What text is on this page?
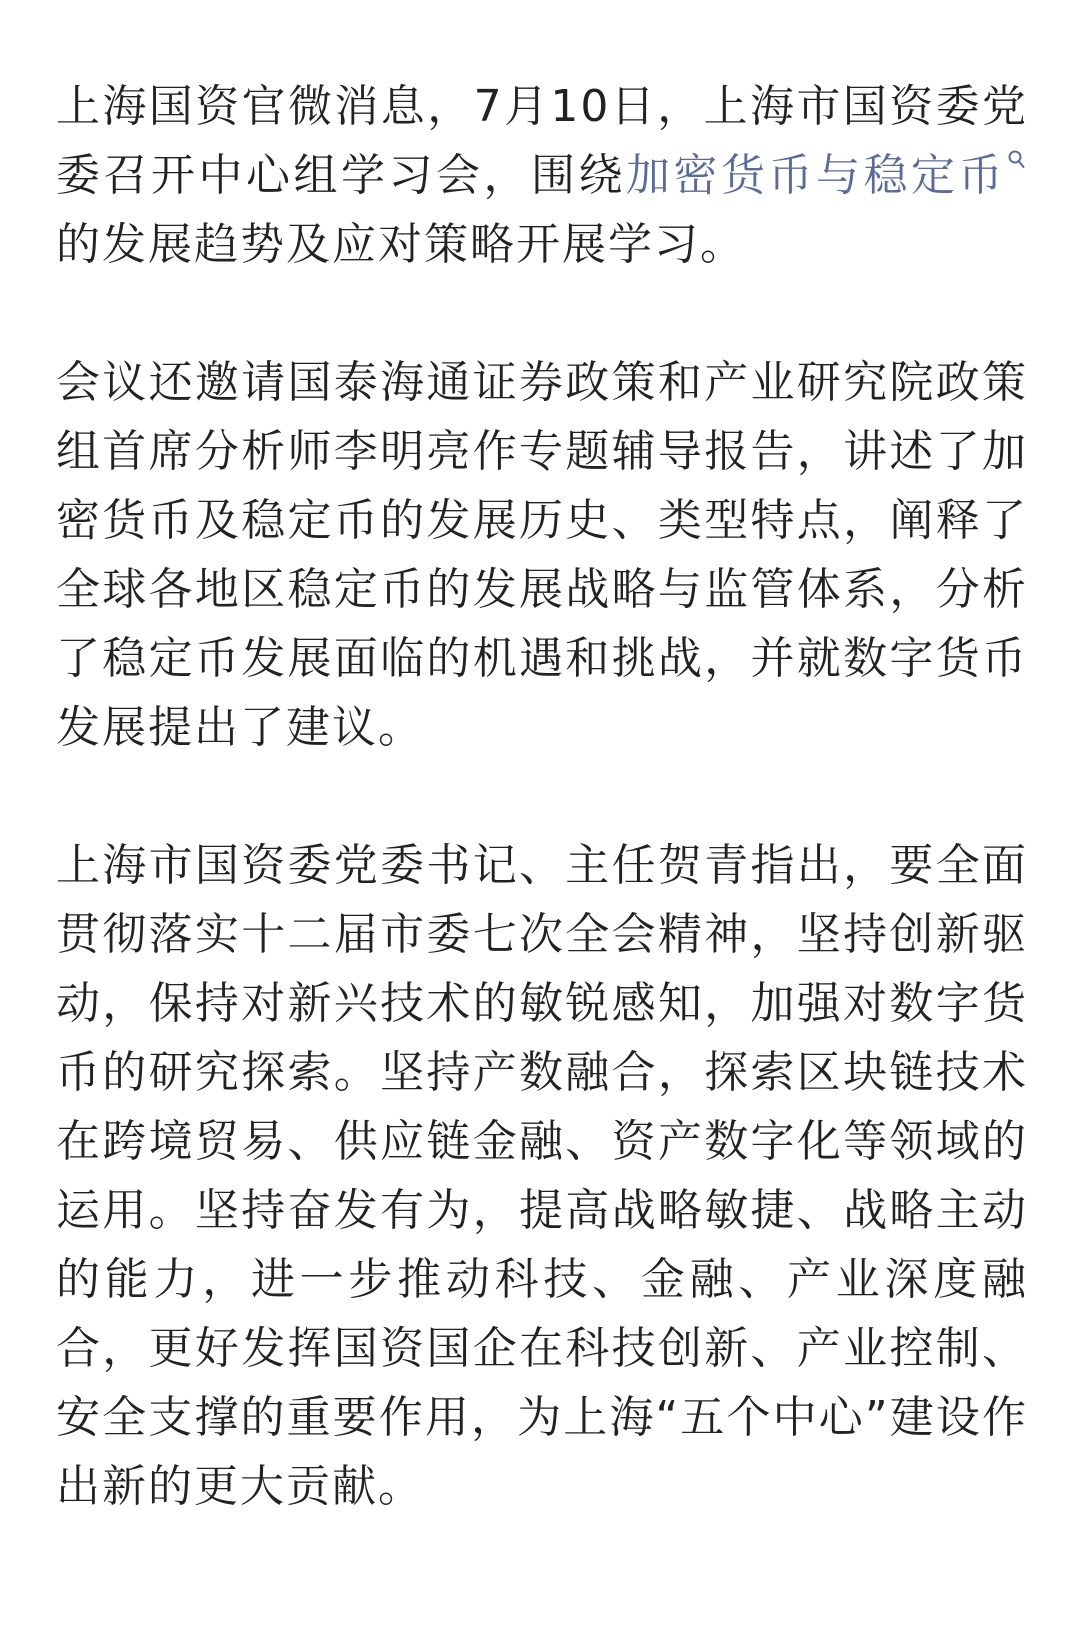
上海国资官微消息，7月10日，上海市国资委党委召开中心组学习会，围绕加密货币与稳定币
的发展趋势及应对策略开展学习。

会议还邀请国泰海通证券政策和产业研究院政策组首席分析师李明亮作专题辅导报告，讲述了加密货币及稳定币的发展历史、类型特点，阐释了全球各地区稳定币的发展战略与监管体系，分析了稳定币发展面临的机遇和挑战，并就数字货币发展提出了建议。

上海市国资委党委书记、主任贺青指出，要全面贯彻落实十二届市委七次全会精神，坚持创新驱动，保持对新兴技术的敏锐感知，加强对数字货币的研究探索。坚持产数融合，探索区块链技术在跨境贸易、供应链金融、资产数字化等领域的运用。坚持奋发有为，提高战略敏捷、战略主动的能力，进一步推动科技、金融、产业深度融合，更好发挥国资国企在科技创新、产业控制、安全支撑的重要作用，为上海“五个中心”建设作出新的更大贡献。
